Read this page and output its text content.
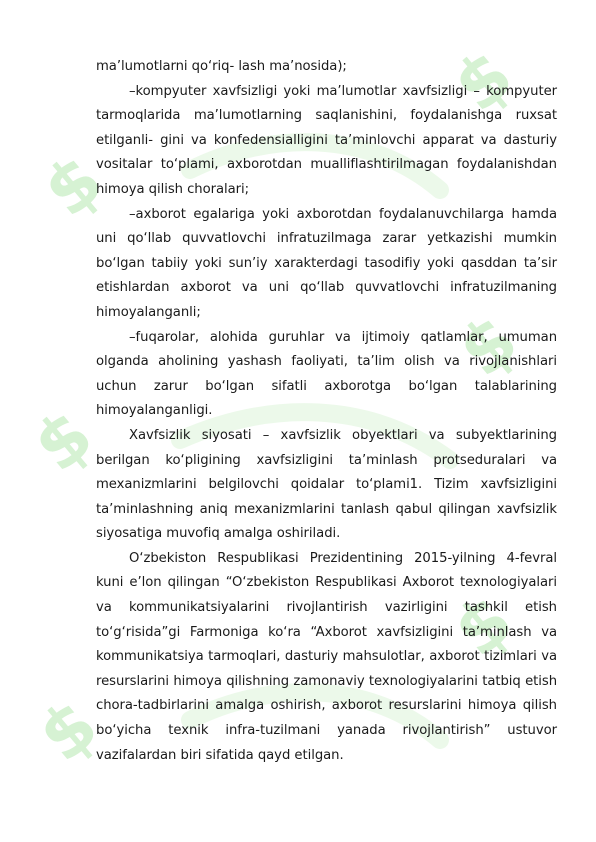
$
$
$
$
$
$

ma’lumotlarni qo‘riq- lash ma’nosida);

–kompyuter xavfsizligi yoki ma’lumotlar xavfsizligi – kompyuter tarmoqlarida ma’lumotlarning saqlanishini, foydalanishga ruxsat etilganli- gini va konfedensialligini ta’minlovchi apparat va dasturiy vositalar to‘plami, axborotdan mualliflashtirilmagan foydalanishdan himoya qilish choralari;

–axborot egalariga yoki axborotdan foydalanuvchilarga hamda uni qo‘llab quvvatlovchi infratuzilmaga zarar yetkazishi mumkin bo‘lgan tabiiy yoki sun’iy xarakterdagi tasodifiy yoki qasddan ta’sir etishlardan axborot va uni qo‘llab quvvatlovchi infratuzilmaning himoyalanganli;

–fuqarolar, alohida guruhlar va ijtimoiy qatlamlar, umuman olganda aholining yashash faoliyati, ta’lim olish va rivojlanishlari uchun zarur bo‘lgan sifatli axborotga bo‘lgan talablarining himoyalanganligi.

Xavfsizlik siyosati – xavfsizlik obyektlari va subyektlarining berilgan ko‘pligining xavfsizligini ta’minlash protseduralari va mexanizmlarini belgilovchi qoidalar to‘plami1. Tizim xavfsizligini ta’minlashning aniq mexanizmlarini tanlash qabul qilingan xavfsizlik siyosatiga muvofiq amalga oshiriladi.

O‘zbekiston Respublikasi Prezidentining 2015-yilning 4-fevral kuni e’lon qilingan “O‘zbekiston Respublikasi Axborot texnologiyalari va kommunikatsiyalarini rivojlantirish vazirligini tashkil etish to‘g‘risida”gi Farmoniga ko‘ra “Axborot xavfsizligini ta’minlash va kommunikatsiya tarmoqlari, dasturiy mahsulotlar, axborot tizimlari va resurslarini himoya qilishning zamonaviy texnologiyalarini tatbiq etish chora-tadbirlarini amalga oshirish, axborot resurslarini himoya qilish bo‘yicha texnik infra-tuzilmani yanada rivojlantirish” ustuvor vazifalardan biri sifatida qayd etilgan.
